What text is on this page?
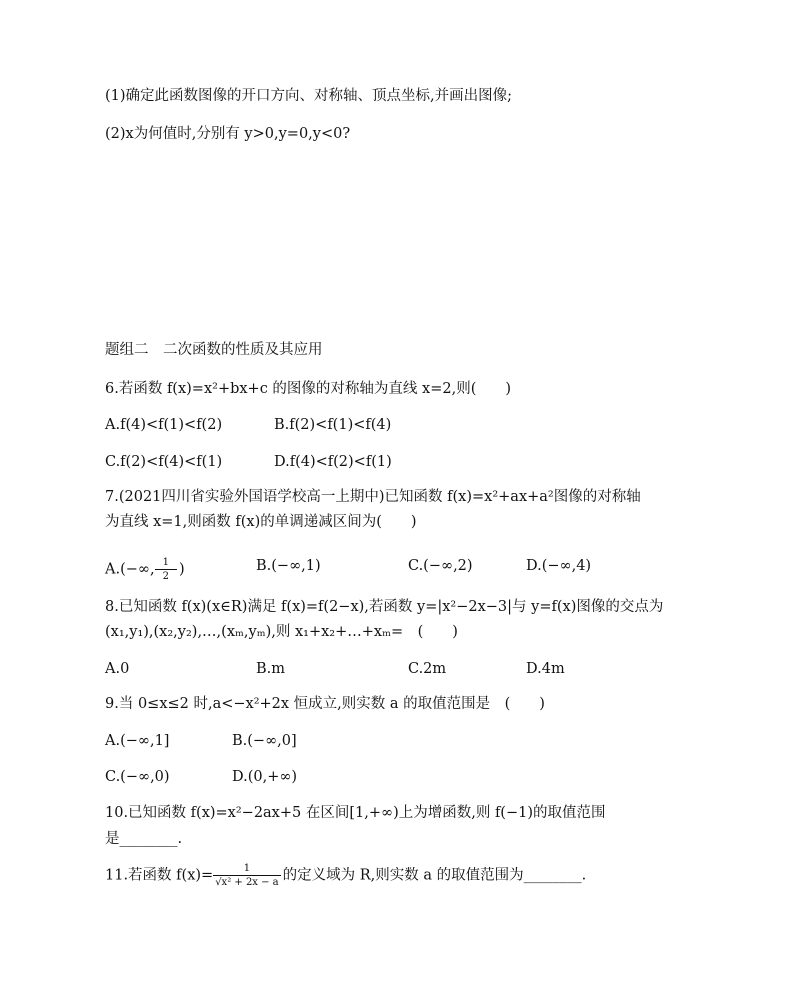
(1)确定此函数图像的开口方向、对称轴、顶点坐标,并画出图像;
(2)x为何值时,分别有 y>0,y=0,y<0?
题组二　二次函数的性质及其应用
6.若函数 f(x)=x²+bx+c 的图像的对称轴为直线 x=2,则(　　)
A.f(4)<f(1)<f(2)	B.f(2)<f(1)<f(4)
C.f(2)<f(4)<f(1)	D.f(4)<f(2)<f(1)
7.(2021四川省实验外国语学校高一上期中)已知函数 f(x)=x²+ax+a²图像的对称轴
为直线 x=1,则函数 f(x)的单调递减区间为(　　)
A.(−∞, $\frac{1}{2}$ )	B.(−∞,1)	C.(−∞,2)	D.(−∞,4)
8.已知函数 f(x)(x∈R)满足 f(x)=f(2−x),若函数 y=|x²−2x−3|与 y=f(x)图像的交点为
(x₁,y₁),(x₂,y₂),…,(xₘ,yₘ),则 x₁+x₂+…+xₘ=　(　　)
A.0	B.m	C.2m	D.4m
9.当 0≤x≤2 时,a<−x²+2x 恒成立,则实数 a 的取值范围是　(　　)
A.(−∞,1]	B.(−∞,0]
C.(−∞,0)	D.(0,+∞)
10.已知函数 f(x)=x²−2ax+5 在区间[1,+∞)上为增函数,则 f(−1)的取值范围
是________.
11.若函数 $f(x)= \frac{1}{\text{√x² + 2x − a}}$ 的定义域为 R,则实数 a 的取值范围为________.
